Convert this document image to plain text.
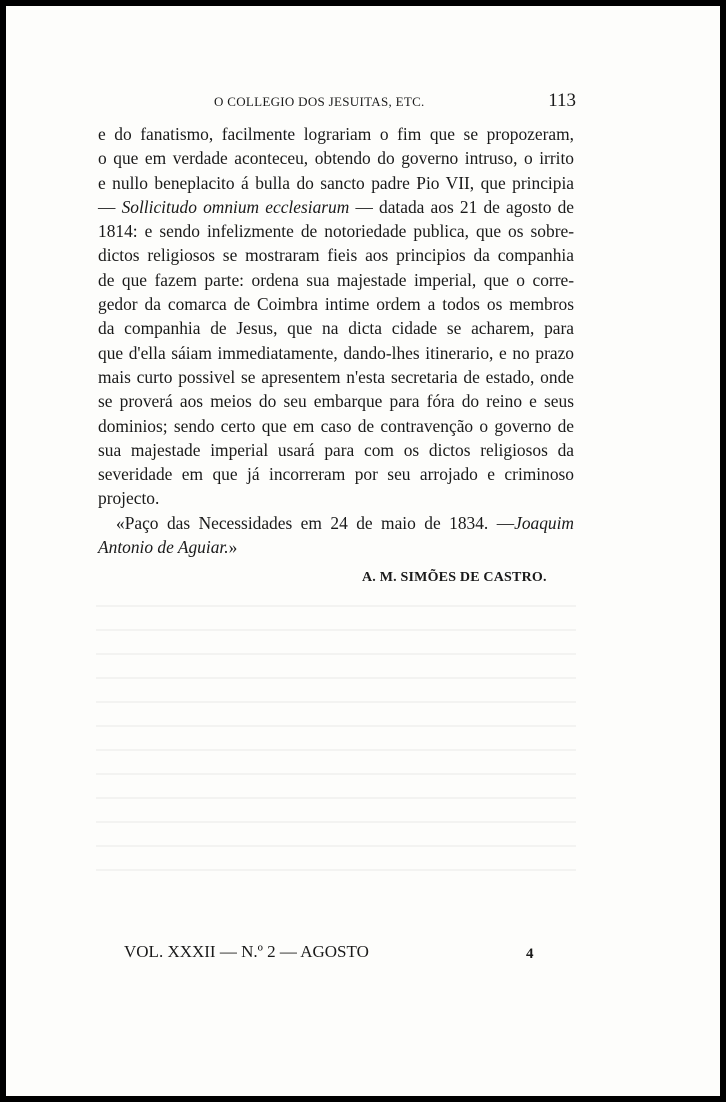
O COLLEGIO DOS JESUITAS, ETC.	113
e do fanatismo, facilmente lograriam o fim que se propozeram,
o que em verdade aconteceu, obtendo do governo intruso, o irrito
e nullo beneplacito á bulla do sancto padre Pio VII, que principia
— Sollicitudo omnium ecclesiarum — datada aos 21 de agosto de
1814: e sendo infelizmente de notoriedade publica, que os sobre-
dictos religiosos se mostraram fieis aos principios da companhia
de que fazem parte: ordena sua majestade imperial, que o corre-
gedor da comarca de Coimbra intime ordem a todos os membros
da companhia de Jesus, que na dicta cidade se acharem, para
que d'ella sáiam immediatamente, dando-lhes itinerario, e no prazo
mais curto possivel se apresentem n'esta secretaria de estado, onde
se proverá aos meios do seu embarque para fóra do reino e seus
dominios; sendo certo que em caso de contravenção o governo de
sua majestade imperial usará para com os dictos religiosos da
severidade em que já incorreram por seu arrojado e criminoso
projecto.
«Paço das Necessidades em 24 de maio de 1834. —Joaquim
Antonio de Aguiar.»
A. M. SIMÕES DE CASTRO.
VOL. XXXII — N.º 2 — AGOSTO	4
